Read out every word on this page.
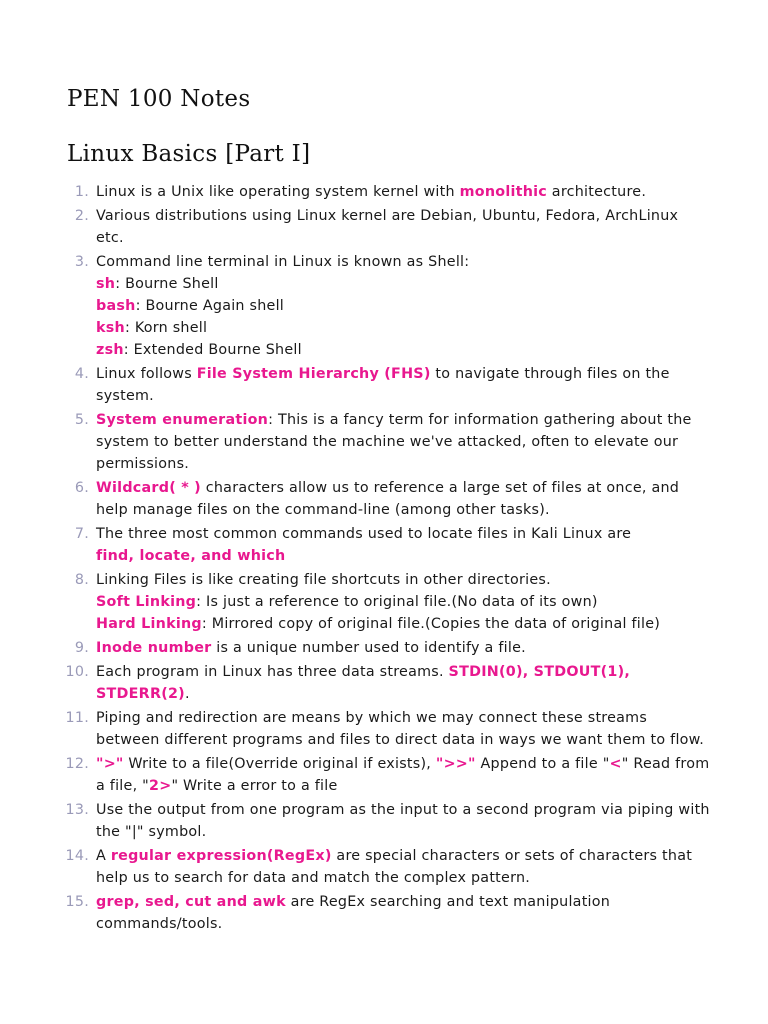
PEN 100 Notes
Linux Basics [Part I]
1. Linux is a Unix like operating system kernel with monolithic architecture.
2. Various distributions using Linux kernel are Debian, Ubuntu, Fedora, ArchLinux etc.
3. Command line terminal in Linux is known as Shell:
sh: Bourne Shell
bash: Bourne Again shell
ksh: Korn shell
zsh: Extended Bourne Shell
4. Linux follows File System Hierarchy (FHS) to navigate through files on the system.
5. System enumeration: This is a fancy term for information gathering about the system to better understand the machine we've attacked, often to elevate our permissions.
6. Wildcard( * ) characters allow us to reference a large set of files at once, and help manage files on the command-line (among other tasks).
7. The three most common commands used to locate files in Kali Linux are
find, locate, and which
8. Linking Files is like creating file shortcuts in other directories.
Soft Linking: Is just a reference to original file.(No data of its own)
Hard Linking: Mirrored copy of original file.(Copies the data of original file)
9. Inode number is a unique number used to identify a file.
10. Each program in Linux has three data streams. STDIN(0), STDOUT(1), STDERR(2).
11. Piping and redirection are means by which we may connect these streams between different programs and files to direct data in ways we want them to flow.
12. ">" Write to a file(Override original if exists), ">>" Append to a file "<" Read from a file, "2>" Write a error to a file
13. Use the output from one program as the input to a second program via piping with the "|" symbol.
14. A regular expression(RegEx) are special characters or sets of characters that help us to search for data and match the complex pattern.
15. grep, sed, cut and awk are RegEx searching and text manipulation commands/tools.
